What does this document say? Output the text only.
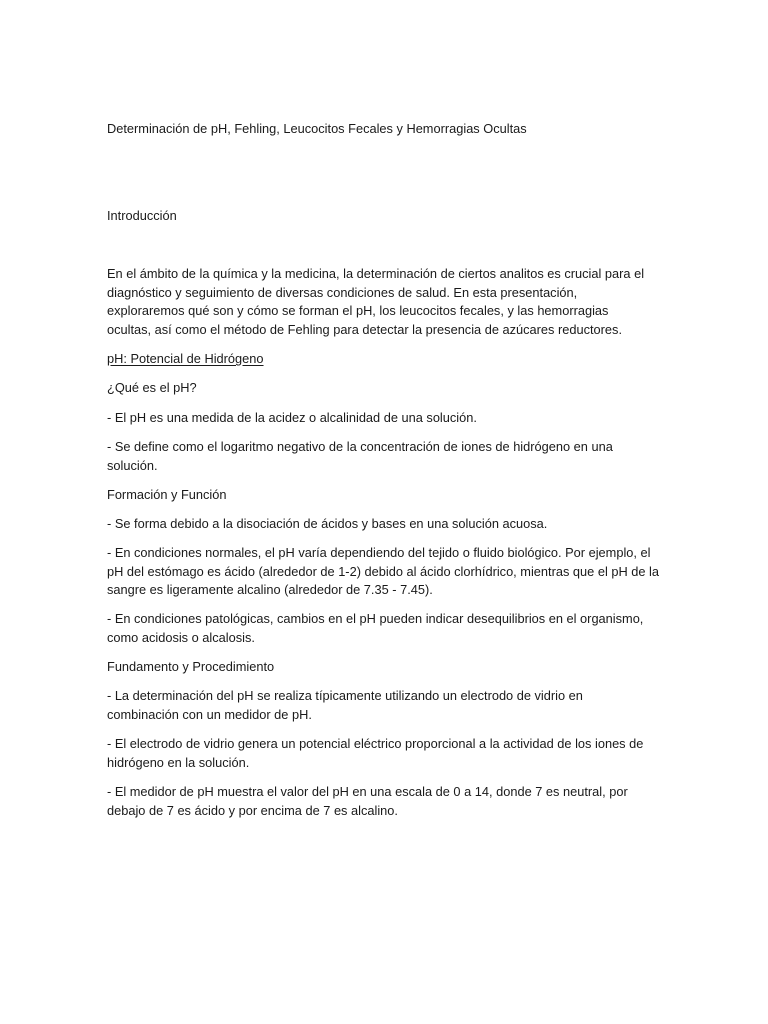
Determinación de pH, Fehling, Leucocitos Fecales y Hemorragias Ocultas

Introducción

En el ámbito de la química y la medicina, la determinación de ciertos analitos es crucial para el diagnóstico y seguimiento de diversas condiciones de salud. En esta presentación, exploraremos qué son y cómo se forman el pH, los leucocitos fecales, y las hemorragias ocultas, así como el método de Fehling para detectar la presencia de azúcares reductores.

pH: Potencial de Hidrógeno

¿Qué es el pH?

- El pH es una medida de la acidez o alcalinidad de una solución.

- Se define como el logaritmo negativo de la concentración de iones de hidrógeno en una solución.

Formación y Función

- Se forma debido a la disociación de ácidos y bases en una solución acuosa.

- En condiciones normales, el pH varía dependiendo del tejido o fluido biológico. Por ejemplo, el pH del estómago es ácido (alrededor de 1-2) debido al ácido clorhídrico, mientras que el pH de la sangre es ligeramente alcalino (alrededor de 7.35 - 7.45).

- En condiciones patológicas, cambios en el pH pueden indicar desequilibrios en el organismo, como acidosis o alcalosis.

Fundamento y Procedimiento

- La determinación del pH se realiza típicamente utilizando un electrodo de vidrio en combinación con un medidor de pH.

- El electrodo de vidrio genera un potencial eléctrico proporcional a la actividad de los iones de hidrógeno en la solución.

- El medidor de pH muestra el valor del pH en una escala de 0 a 14, donde 7 es neutral, por debajo de 7 es ácido y por encima de 7 es alcalino.
